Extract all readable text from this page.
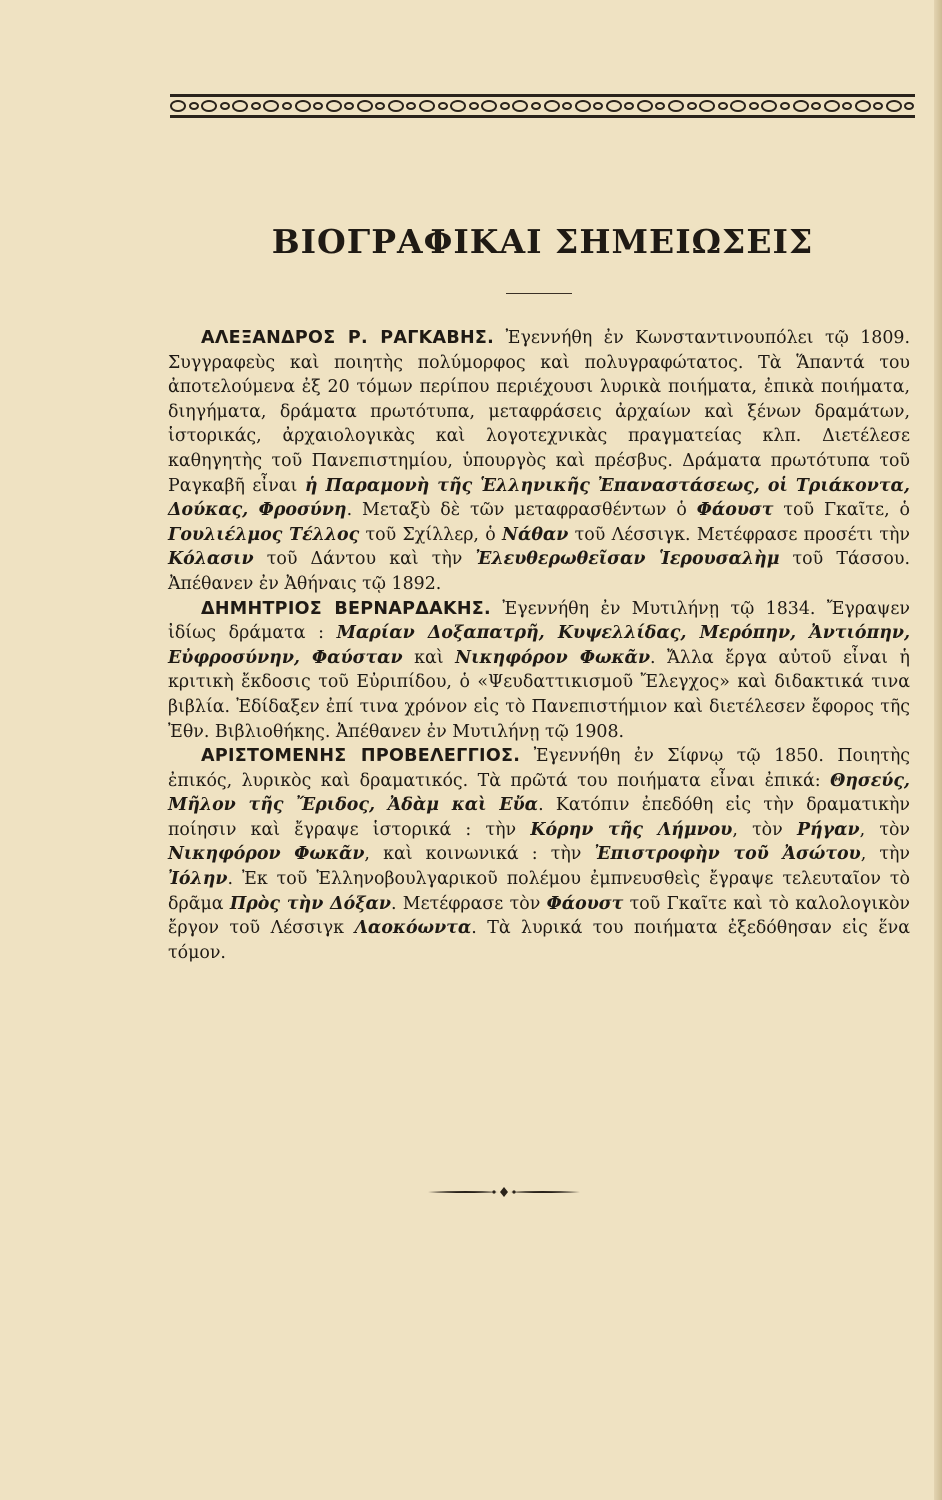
ΒΙΟΓΡΑΦΙΚΑΙ ΣΗΜΕΙΩΣΕΙΣ

ΑΛΕΞΑΝΔΡΟΣ Ρ. ΡΑΓΚΑΒΗΣ. Ἐγεννήθη ἐν Κωνσταντινουπόλει τῷ 1809. Συγγραφεὺς καὶ ποιητὴς πολύμορφος καὶ πολυγραφώτατος. Τὰ Ἅπαντά του ἀποτελούμενα ἐξ 20 τόμων περίπου περιέχουσι λυρικὰ ποιήματα, ἐπικὰ ποιήματα, διηγήματα, δράματα πρωτότυπα, μεταφράσεις ἀρχαίων καὶ ξένων δραμάτων, ἱστορικάς, ἀρχαιολογικὰς καὶ λογοτεχνικὰς πραγματείας κλπ. Διετέλεσε καθηγητὴς τοῦ Πανεπιστημίου, ὑπουργὸς καὶ πρέσβυς. Δράματα πρωτότυπα τοῦ Ραγκαβῆ εἶναι ἡ Παραμονὴ τῆς Ἑλληνικῆς Ἐπαναστάσεως, οἱ Τριάκοντα, Δούκας, Φροσύνη. Μεταξὺ δὲ τῶν μεταφρασθέντων ὁ Φάουστ τοῦ Γκαῖτε, ὁ Γουλιέλμος Τέλλος τοῦ Σχίλλερ, ὁ Νάθαν τοῦ Λέσσιγκ. Μετέφρασε προσέτι τὴν Κόλασιν τοῦ Δάντου καὶ τὴν Ἐλευθερωθεῖσαν Ἱερουσαλὴμ τοῦ Τάσσου. Ἀπέθανεν ἐν Ἀθήναις τῷ 1892.

ΔΗΜΗΤΡΙΟΣ ΒΕΡΝΑΡΔΑΚΗΣ. Ἐγεννήθη ἐν Μυτιλήνῃ τῷ 1834. Ἔγραψεν ἰδίως δράματα : Μαρίαν Δοξαπατρῆ, Κυψελλίδας, Μερόπην, Ἀντιόπην, Εὐφροσύνην, Φαύσταν καὶ Νικηφόρον Φωκᾶν. Ἄλλα ἔργα αὐτοῦ εἶναι ἡ κριτικὴ ἔκδοσις τοῦ Εὐριπίδου, ὁ «Ψευδαττικισμοῦ Ἔλεγχος» καὶ διδακτικά τινα βιβλία. Ἐδίδαξεν ἐπί τινα χρόνον εἰς τὸ Πανεπιστήμιον καὶ διετέλεσεν ἔφορος τῆς Ἐθν. Βιβλιοθήκης. Ἀπέθανεν ἐν Μυτιλήνῃ τῷ 1908.

ΑΡΙΣΤΟΜΕΝΗΣ ΠΡΟΒΕΛΕΓΓΙΟΣ. Ἐγεννήθη ἐν Σίφνῳ τῷ 1850. Ποιητὴς ἐπικός, λυρικὸς καὶ δραματικός. Τὰ πρῶτά του ποιήματα εἶναι ἐπικά: Θησεύς, Μῆλον τῆς Ἔριδος, Ἀδὰμ καὶ Εὔα. Κατόπιν ἐπεδόθη εἰς τὴν δραματικὴν ποίησιν καὶ ἔγραψε ἱστορικά : τὴν Κόρην τῆς Λήμνου, τὸν Ρήγαν, τὸν Νικηφόρον Φωκᾶν, καὶ κοινωνικά : τὴν Ἐπιστροφὴν τοῦ Ἀσώτου, τὴν Ἰόλην. Ἐκ τοῦ Ἑλληνοβουλγαρικοῦ πολέμου ἐμπνευσθεὶς ἔγραψε τελευταῖον τὸ δρᾶμα Πρὸς τὴν Δόξαν. Μετέφρασε τὸν Φάουστ τοῦ Γκαῖτε καὶ τὸ καλολογικὸν ἔργον τοῦ Λέσσιγκ Λαοκόωντα. Τὰ λυρικά του ποιήματα ἐξεδόθησαν εἰς ἕνα τόμον.
